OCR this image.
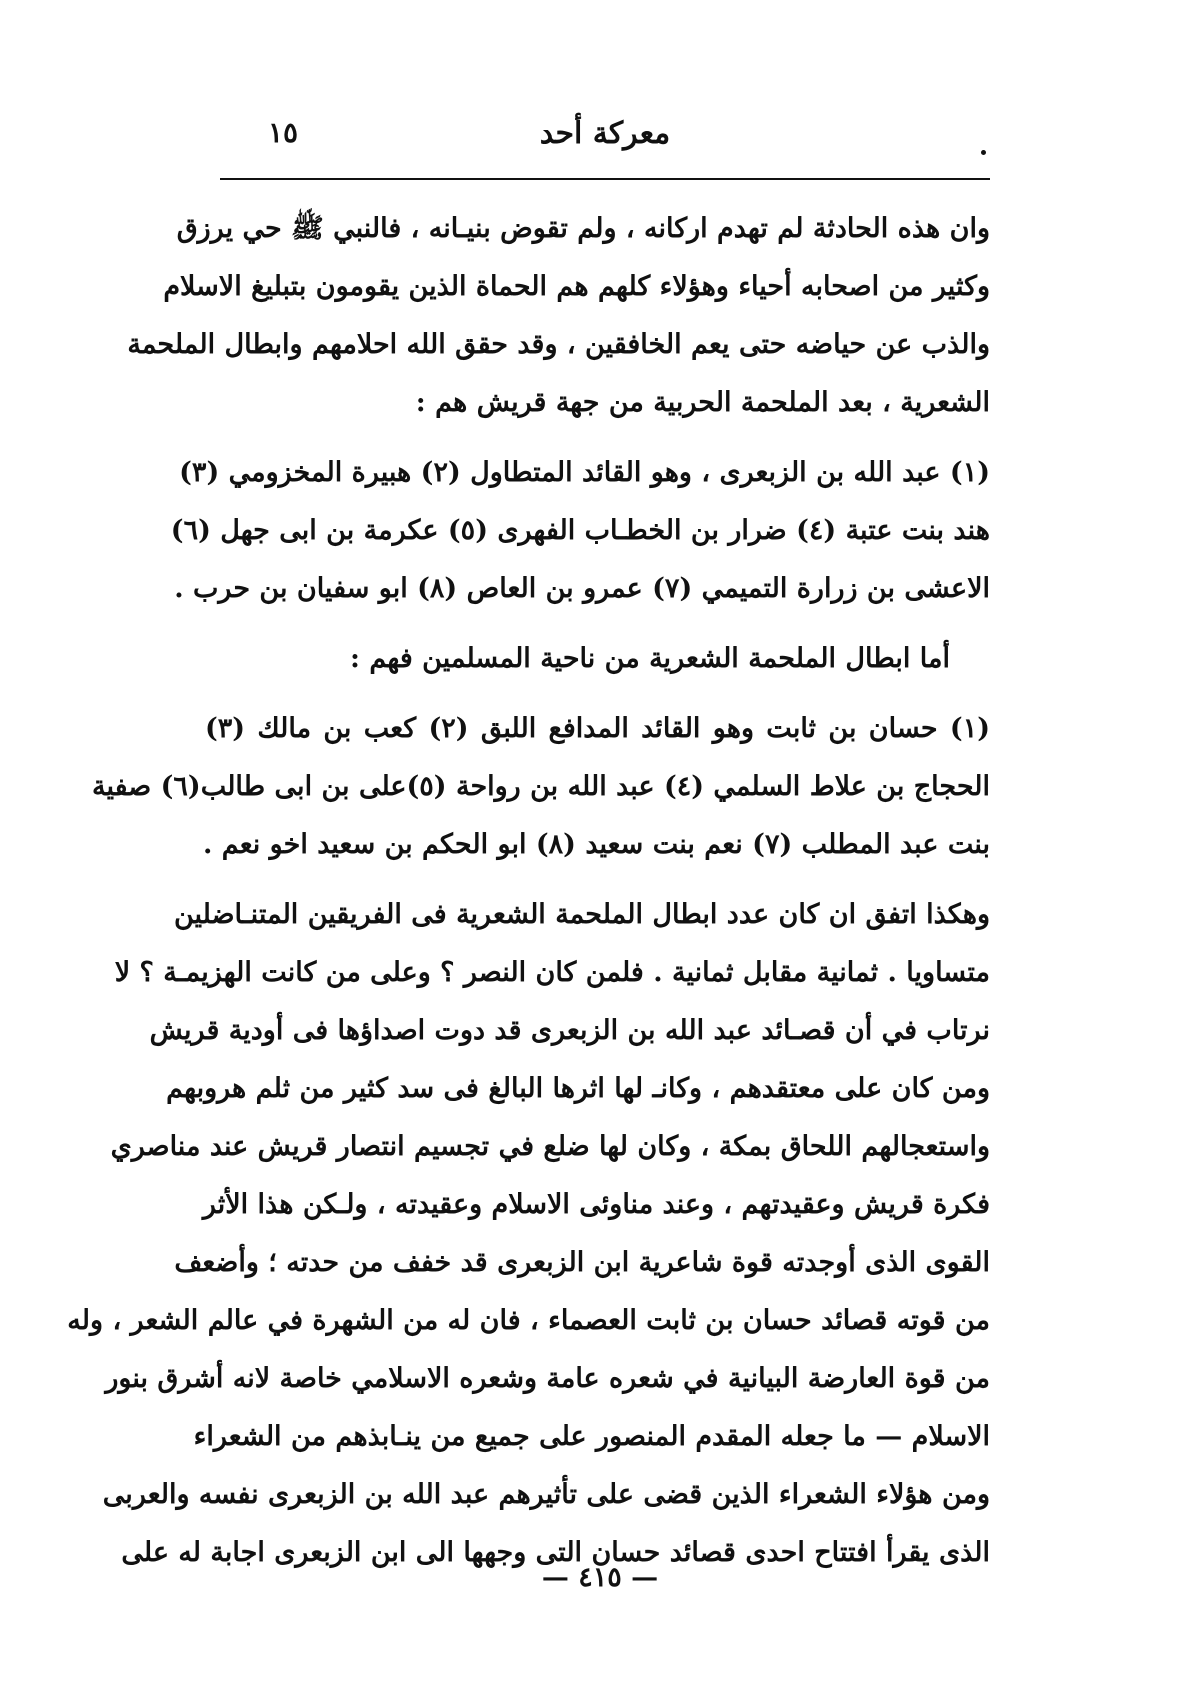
معركة أحد
١٥
وان هذه الحادثة لم تهدم اركانه ، ولم تقوض بنيـانه ، فالنبي ﷺ حي يرزق
وكثير من اصحابه أحياء وهؤلاء كلهم هم الحماة الذين يقومون بتبليغ الاسلام
والذب عن حياضه حتى يعم الخافقين ، وقد حقق الله احلامهم وابطال الملحمة
الشعرية ، بعد الملحمة الحربية من جهة قريش هم :
(١) عبد الله بن الزبعرى ، وهو القائد المتطاول (٢) هبيرة المخزومي (٣)
هند بنت عتبة (٤) ضرار بن الخطـاب الفهرى (٥) عكرمة بن ابى جهل (٦)
الاعشى بن زرارة التميمي (٧) عمرو بن العاص (٨) ابو سفيان بن حرب .
أما ابطال الملحمة الشعرية من ناحية المسلمين فهم :
(١) حسان بن ثابت وهو القائد المدافع اللبق (٢) كعب بن مالك (٣)
الحجاج بن علاط السلمي (٤) عبد الله بن رواحة (٥)على بن ابى طالب(٦) صفية
بنت عبد المطلب (٧) نعم بنت سعيد (٨) ابو الحكم بن سعيد اخو نعم .
وهكذا اتفق ان كان عدد ابطال الملحمة الشعرية فى الفريقين المتنـاضلين
متساويا . ثمانية مقابل ثمانية . فلمن كان النصر ؟ وعلى من كانت الهزيمـة ؟ لا
نرتاب في أن قصـائد عبد الله بن الزبعرى قد دوت اصداؤها فى أودية قريش
ومن كان على معتقدهم ، وكانـ لها اثرها البالغ فى سد كثير من ثلم هروبهم
واستعجالهم اللحاق بمكة ، وكان لها ضلع في تجسيم انتصار قريش عند مناصري
فكرة قريش وعقيدتهم ، وعند مناوئى الاسلام وعقيدته ، ولـكن هذا الأثر
القوى الذى أوجدته قوة شاعرية ابن الزبعرى قد خفف من حدته ؛ وأضعف
من قوته قصائد حسان بن ثابت العصماء ، فان له من الشهرة في عالم الشعر ، وله
من قوة العارضة البيانية في شعره عامة وشعره الاسلامي خاصة لانه أشرق بنور
الاسلام — ما جعله المقدم المنصور على جميع من ينـابذهم من الشعراء
ومن هؤلاء الشعراء الذين قضى على تأثيرهم عبد الله بن الزبعرى نفسه والعربى
الذى يقرأ افتتاح احدى قصائد حسان التى وجهها الى ابن الزبعرى اجابة له على
— ٤١٥ —
